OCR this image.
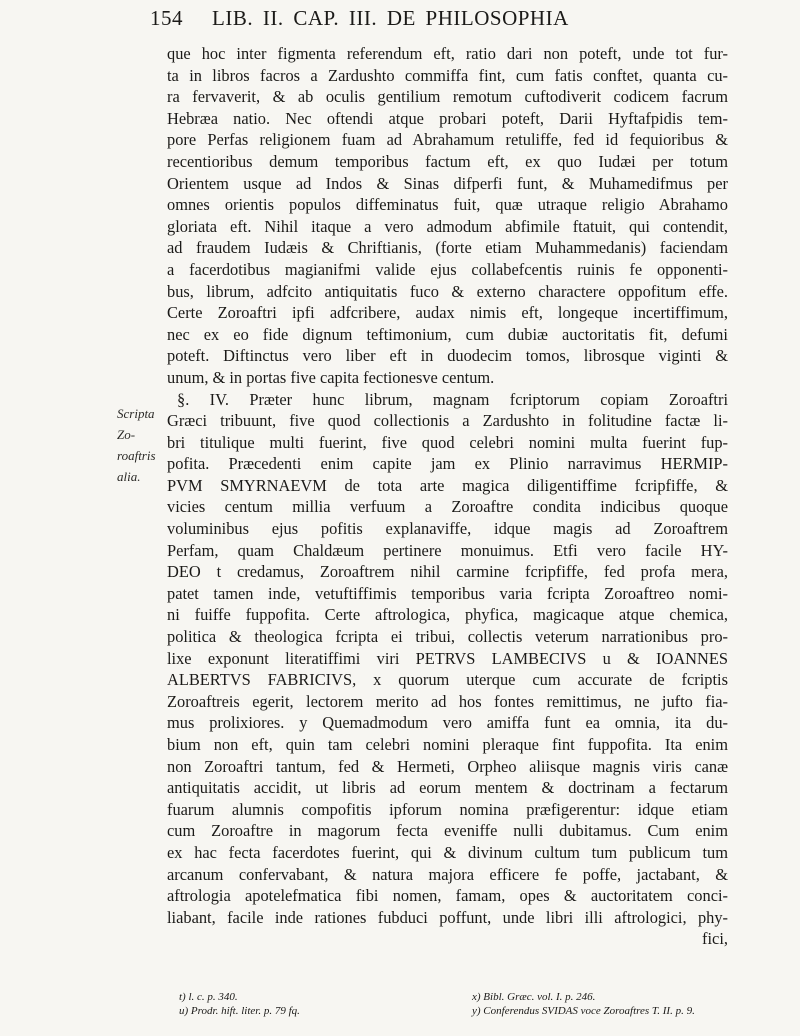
154 LIB. II. CAP. III. DE PHILOSOPHIA
Scripta Zo-
roaftris alia.
que hoc inter figmenta referendum eft, ratio dari non poteft, unde tot fur-
ta in libros facros a Zardushto commiffa fint, cum fatis conftet, quanta cu-
ra fervaverit, & ab oculis gentilium remotum cuftodiverit codicem facrum
Hebræa natio. Nec oftendi atque probari poteft, Darii Hyftafpidis tem-
pore Perfas religionem fuam ad Abrahamum retuliffe, fed id fequioribus &
recentioribus demum temporibus factum eft, ex quo Iudæi per totum
Orientem usque ad Indos & Sinas difperfi funt, & Muhamedifmus per
omnes orientis populos diffeminatus fuit, quæ utraque religio Abrahamo
gloriata eft. Nihil itaque a vero admodum abfimile ftatuit, qui contendit,
ad fraudem Iudæis & Chriftianis, (forte etiam Muhammedanis) faciendam
a facerdotibus magianifmi valide ejus collabefcentis ruinis fe opponenti-
bus, librum, adfcito antiquitatis fuco & externo charactere oppofitum effe.
Certe Zoroaftri ipfi adfcribere, audax nimis eft, longeque incertiffimum,
nec ex eo fide dignum teftimonium, cum dubiæ auctoritatis fit, defumi
poteft. Diftinctus vero liber eft in duodecim tomos, librosque viginti &
unum, & in portas five capita fectionesve centum.
§. IV. Præter hunc librum, magnam fcriptorum copiam Zoroaftri
Græci tribuunt, five quod collectionis a Zardushto in folitudine factæ li-
bri titulique multi fuerint, five quod celebri nomini multa fuerint fup-
pofita. Præcedenti enim capite jam ex Plinio narravimus HERMIP-
PVM SMYRNAEVM de tota arte magica diligentiffime fcripfiffe, &
vicies centum millia verfuum a Zoroaftre condita indicibus quoque
voluminibus ejus pofitis explanaviffe, idque magis ad Zoroaftrem
Perfam, quam Chaldæum pertinere monuimus. Etfi vero facile HY-
DEO t credamus, Zoroaftrem nihil carmine fcripfiffe, fed profa mera,
patet tamen inde, vetuftiffimis temporibus varia fcripta Zoroaftreo nomi-
ni fuiffe fuppofita. Certe aftrologica, phyfica, magicaque atque chemica,
politica & theologica fcripta ei tribui, collectis veterum narrationibus pro-
lixe exponunt literatiffimi viri PETRVS LAMBECIVS u & IOANNES
ALBERTVS FABRICIVS, x quorum uterque cum accurate de fcriptis
Zoroaftreis egerit, lectorem merito ad hos fontes remittimus, ne jufto fia-
mus prolixiores. y Quemadmodum vero amiffa funt ea omnia, ita du-
bium non eft, quin tam celebri nomini pleraque fint fuppofita. Ita enim
non Zoroaftri tantum, fed & Hermeti, Orpheo aliisque magnis viris canæ
antiquitatis accidit, ut libris ad eorum mentem & doctrinam a fectarum
fuarum alumnis compofitis ipforum nomina præfigerentur: idque etiam
cum Zoroaftre in magorum fecta eveniffe nulli dubitamus. Cum enim
ex hac fecta facerdotes fuerint, qui & divinum cultum tum publicum tum
arcanum confervabant, & natura majora efficere fe poffe, jactabant, &
aftrologia apotelefmatica fibi nomen, famam, opes & auctoritatem conci-
liabant, facile inde rationes fubduci poffunt, unde libri illi aftrologici, phy-
fici,
t) l. c. p. 340.
u) Prodr. hift. liter. p. 79 fq.
x) Bibl. Græc. vol. I. p. 246.
y) Conferendus SVIDAS voce Zoroaftres T. II. p. 9.
